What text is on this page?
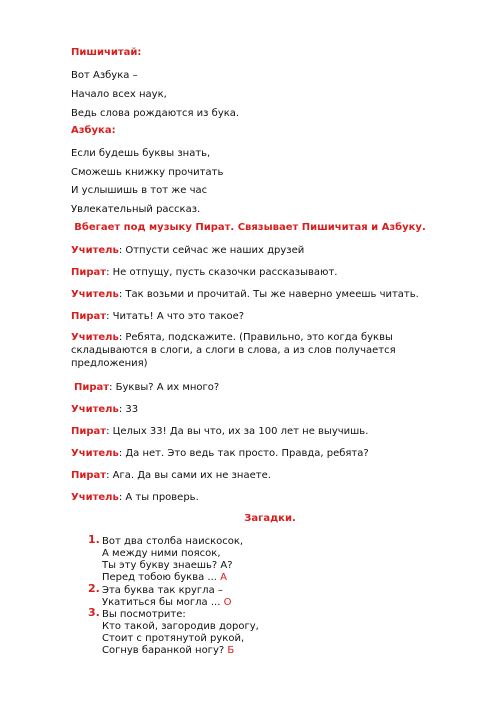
Пишичитай:
Вот Азбука –
Начало всех наук,
Ведь слова рождаются из бука.
Азбука:
Если будешь буквы знать,
Сможешь книжку прочитать
И услышишь в тот же час
Увлекательный рассказ.
Вбегает под музыку Пират. Связывает Пишичитая и Азбуку.
Учитель: Отпусти сейчас же наших друзей
Пират: Не отпущу, пусть сказочки рассказывают.
Учитель: Так возьми и прочитай. Ты же наверно умеешь читать.
Пират: Читать! А что это такое?
Учитель: Ребята, подскажите. (Правильно, это когда буквы складываются в слоги, а слоги в слова, а из слов получается предложения)
Пират: Буквы? А их много?
Учитель: 33
Пират: Целых 33! Да вы что, их за 100 лет не выучишь.
Учитель: Да нет. Это ведь так просто. Правда, ребята?
Пират: Ага. Да вы сами их не знаете.
Учитель: А ты проверь.
Загадки.
1. Вот два столба наискосок,
А между ними поясок,
Ты эту букву знаешь? А?
Перед тобою буква ... А
2. Эта буква так кругла –
Укатиться бы могла ... О
3. Вы посмотрите:
Кто такой, загородив дорогу,
Стоит с протянутой рукой,
Согнув баранкой ногу? Б
